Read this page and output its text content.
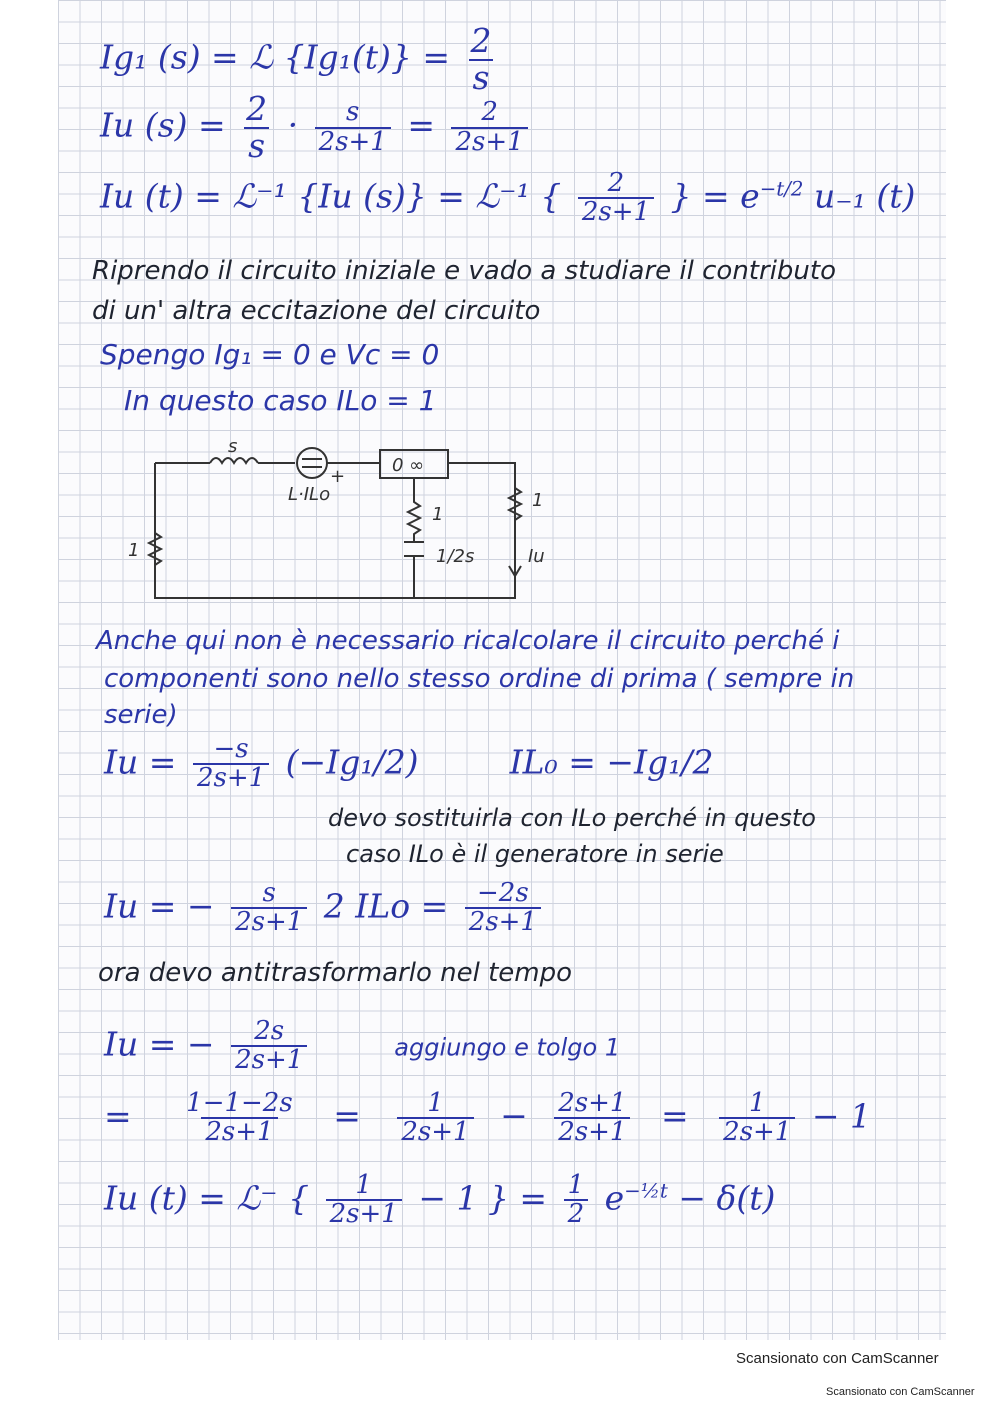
Ig₁ (s) = ℒ $\{Ig_1(t)\} = \frac{2}{s}$
Iu $(s) = \frac{2}{s} \cdot \frac{s}{2s+1} = \frac{2}{2s+1}$
Iu (t) = ℒ⁻¹ {Iu (s)} = ℒ⁻¹ { $\frac{2}{2s+1}$ } = $e^{-t/2}$ u₋₁ (t)
Riprendo il circuito iniziale e vado a studiare il contributo
di un' altra eccitazione del circuito
Spengo Ig₁ = 0 e Vc = 0
In questo caso ILo = 1
s
L·ILo
+
0 ∞
1
1
1/2s
1
Iu
Anche qui non è necessario ricalcolare il circuito perché i
componenti sono nello stesso ordine di prima ( sempre in
serie)
$Iu = \frac{-s}{2s+1} (-Ig_1/2)$	IL₀ = −Ig₁/2
devo sostituirla con ILo perché in questo
caso ILo è il generatore in serie
Iu = − $\frac{s}{2s+1} 2$ ILo = $\frac{-2s}{2s+1}$
ora devo antitrasformarlo nel tempo
Iu = − $\frac{2s}{2s+1}$	aggiungo e tolgo 1
= $\frac{1-1-2s}{2s+1} = \frac{1}{2s+1} - \frac{2s+1}{2s+1} = \frac{1}{2s+1} - 1$
Iu (t) = ℒ⁻ { $\frac{1}{2s+1} - 1$ } = $\frac{1}{2} e^{-\frac{1}{2}t} - \delta(t)$
Scansionato con CamScanner
Scansionato con CamScanner
